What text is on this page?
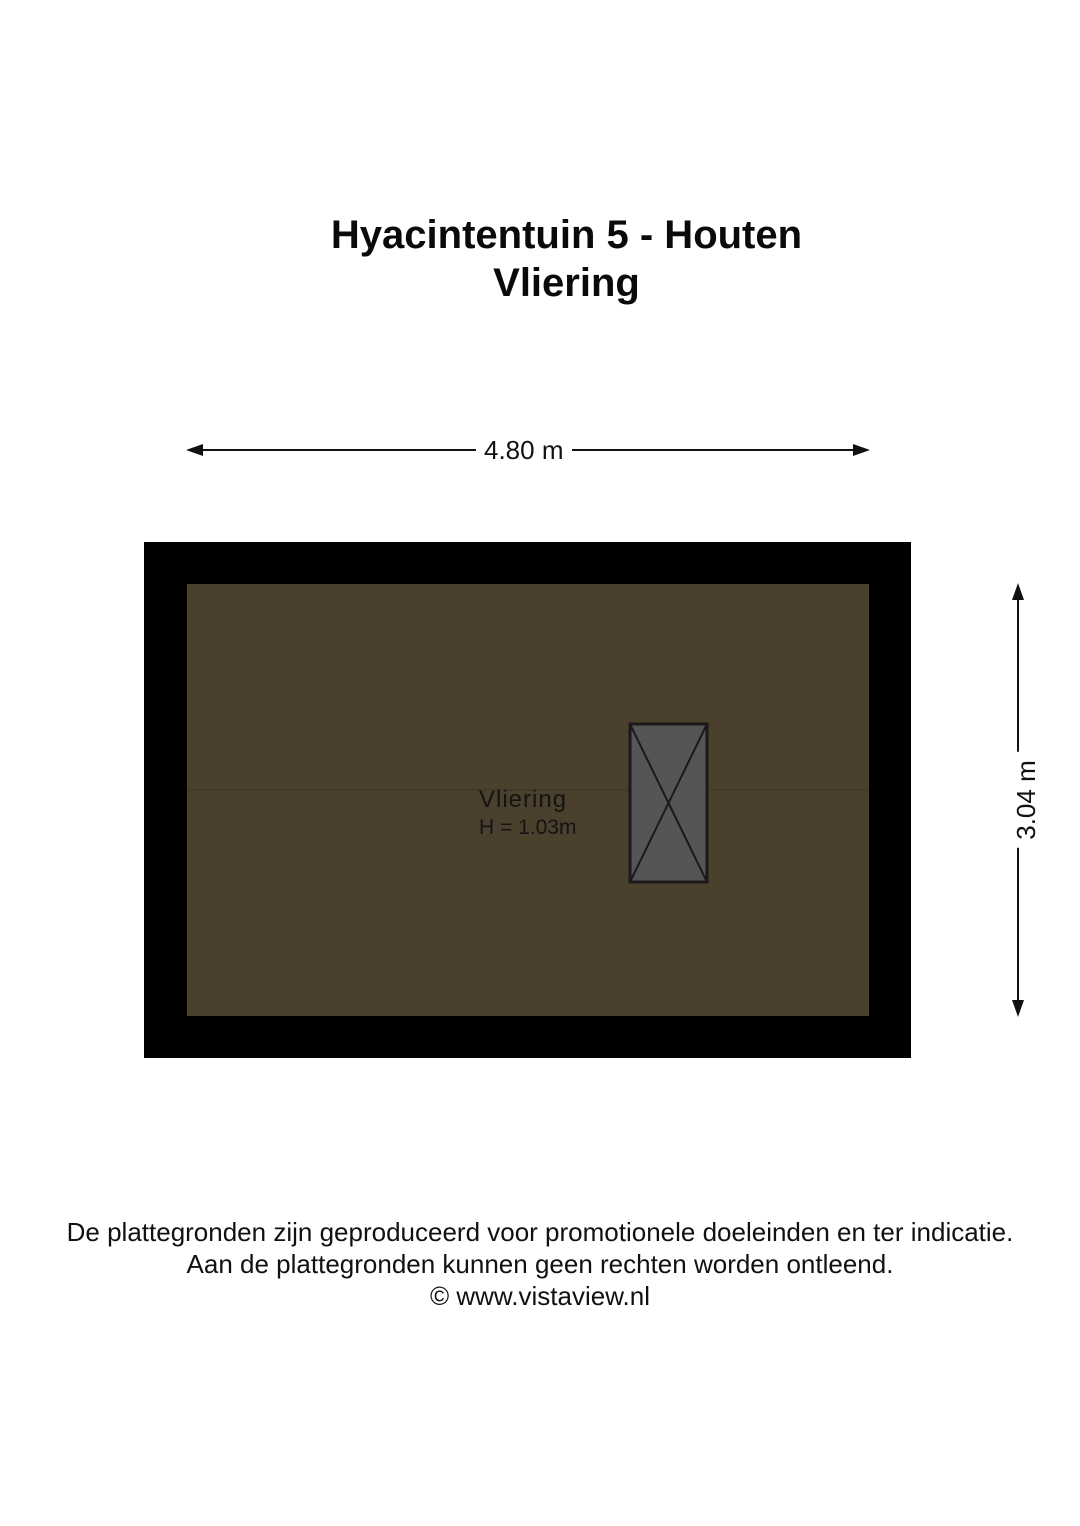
Hyacintentuin 5 - Houten
Vliering
4.80 m
3.04 m
Vliering
H = 1.03m
De plattegronden zijn geproduceerd voor promotionele doeleinden en ter indicatie.
Aan de plattegronden kunnen geen rechten worden ontleend.
© www.vistaview.nl
